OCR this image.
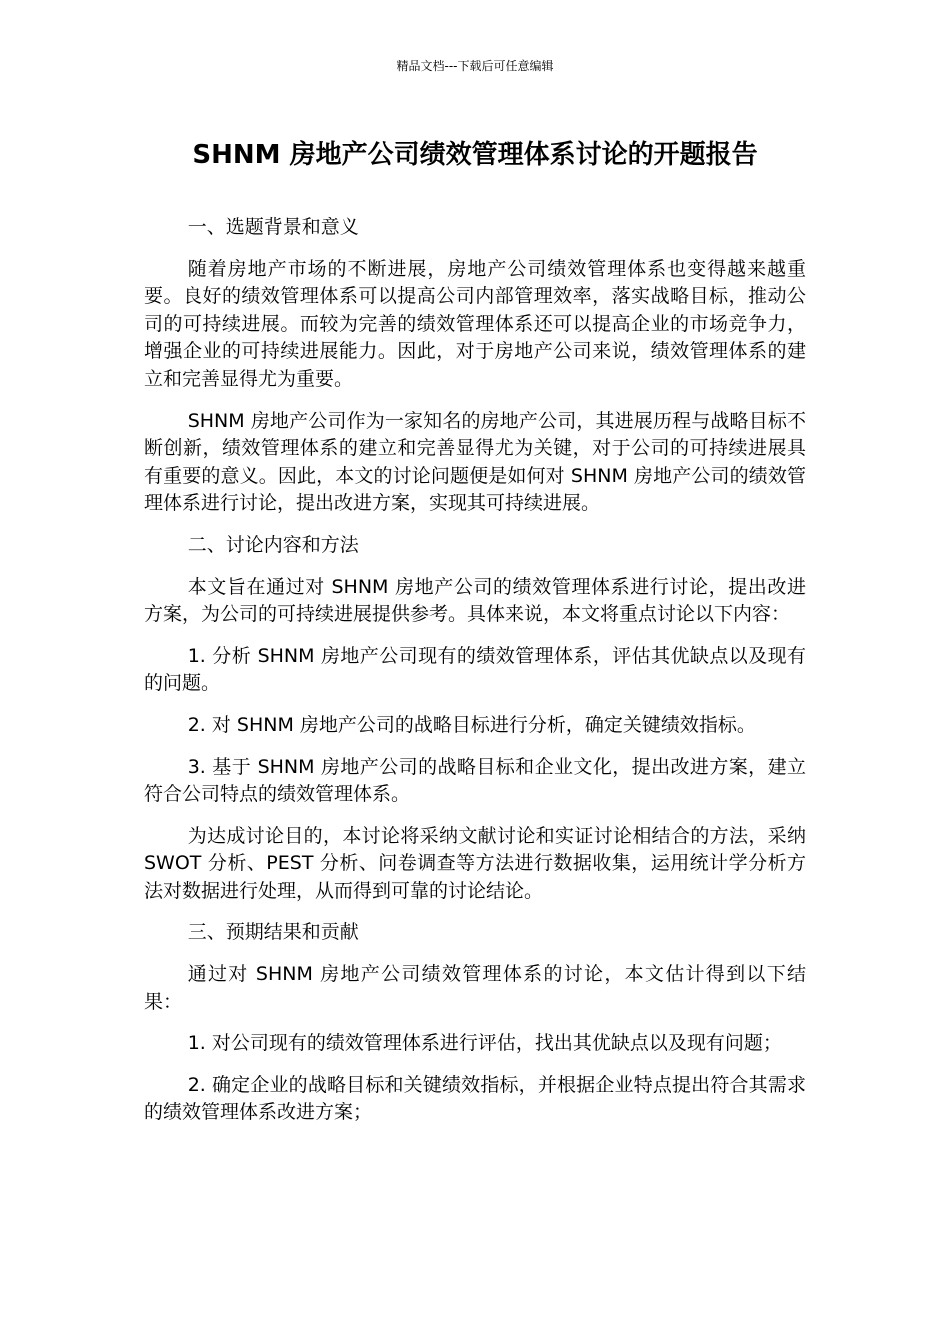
精品文档---下载后可任意编辑
SHNM 房地产公司绩效管理体系讨论的开题报告

一、选题背景和意义

随着房地产市场的不断进展，房地产公司绩效管理体系也变得越来越重要。良好的绩效管理体系可以提高公司内部管理效率，落实战略目标，推动公司的可持续进展。而较为完善的绩效管理体系还可以提高企业的市场竞争力，增强企业的可持续进展能力。因此，对于房地产公司来说，绩效管理体系的建立和完善显得尤为重要。

SHNM 房地产公司作为一家知名的房地产公司，其进展历程与战略目标不断创新，绩效管理体系的建立和完善显得尤为关键，对于公司的可持续进展具有重要的意义。因此，本文的讨论问题便是如何对 SHNM 房地产公司的绩效管理体系进行讨论，提出改进方案，实现其可持续进展。

二、讨论内容和方法

本文旨在通过对 SHNM 房地产公司的绩效管理体系进行讨论，提出改进方案，为公司的可持续进展提供参考。具体来说，本文将重点讨论以下内容：

1. 分析 SHNM 房地产公司现有的绩效管理体系，评估其优缺点以及现有的问题。

2. 对 SHNM 房地产公司的战略目标进行分析，确定关键绩效指标。

3. 基于 SHNM 房地产公司的战略目标和企业文化，提出改进方案，建立符合公司特点的绩效管理体系。

为达成讨论目的，本讨论将采纳文献讨论和实证讨论相结合的方法，采纳 SWOT 分析、PEST 分析、问卷调查等方法进行数据收集，运用统计学分析方法对数据进行处理，从而得到可靠的讨论结论。

三、预期结果和贡献

通过对 SHNM 房地产公司绩效管理体系的讨论，本文估计得到以下结果：

1. 对公司现有的绩效管理体系进行评估，找出其优缺点以及现有问题；

2. 确定企业的战略目标和关键绩效指标，并根据企业特点提出符合其需求的绩效管理体系改进方案；
